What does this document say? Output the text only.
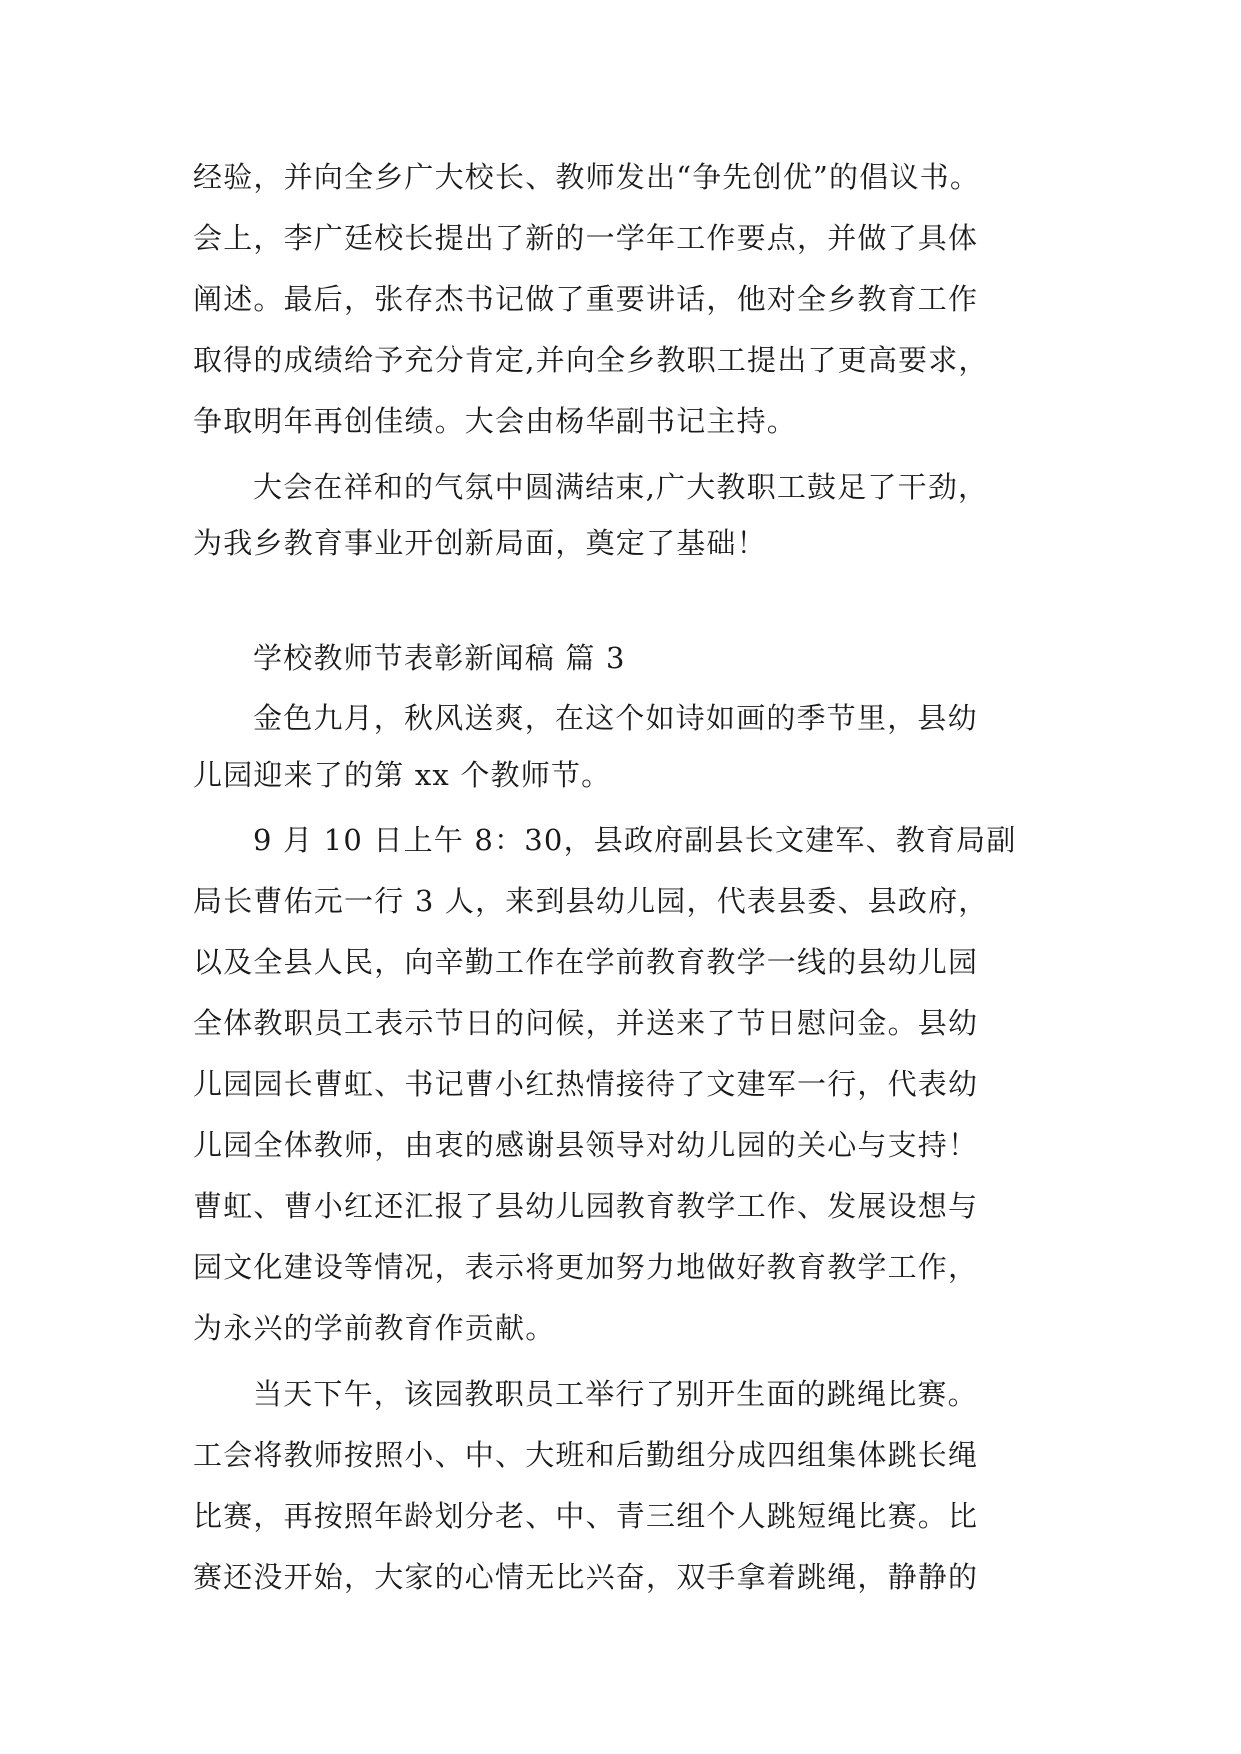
经验，并向全乡广大校长、教师发出“争先创优”的倡议书。
会上，李广廷校长提出了新的一学年工作要点，并做了具体
阐述。最后，张存杰书记做了重要讲话，他对全乡教育工作
取得的成绩给予充分肯定,并向全乡教职工提出了更高要求，
争取明年再创佳绩。大会由杨华副书记主持。
大会在祥和的气氛中圆满结束,广大教职工鼓足了干劲，
为我乡教育事业开创新局面，奠定了基础！
学校教师节表彰新闻稿 篇 3
金色九月，秋风送爽，在这个如诗如画的季节里，县幼
儿园迎来了的第 xx 个教师节。
9 月 10 日上午 8：30，县政府副县长文建军、教育局副
局长曹佑元一行 3 人，来到县幼儿园，代表县委、县政府，
以及全县人民，向辛勤工作在学前教育教学一线的县幼儿园
全体教职员工表示节日的问候，并送来了节日慰问金。县幼
儿园园长曹虹、书记曹小红热情接待了文建军一行，代表幼
儿园全体教师，由衷的感谢县领导对幼儿园的关心与支持！
曹虹、曹小红还汇报了县幼儿园教育教学工作、发展设想与
园文化建设等情况，表示将更加努力地做好教育教学工作，
为永兴的学前教育作贡献。
当天下午，该园教职员工举行了别开生面的跳绳比赛。
工会将教师按照小、中、大班和后勤组分成四组集体跳长绳
比赛，再按照年龄划分老、中、青三组个人跳短绳比赛。比
赛还没开始，大家的心情无比兴奋，双手拿着跳绳，静静的
